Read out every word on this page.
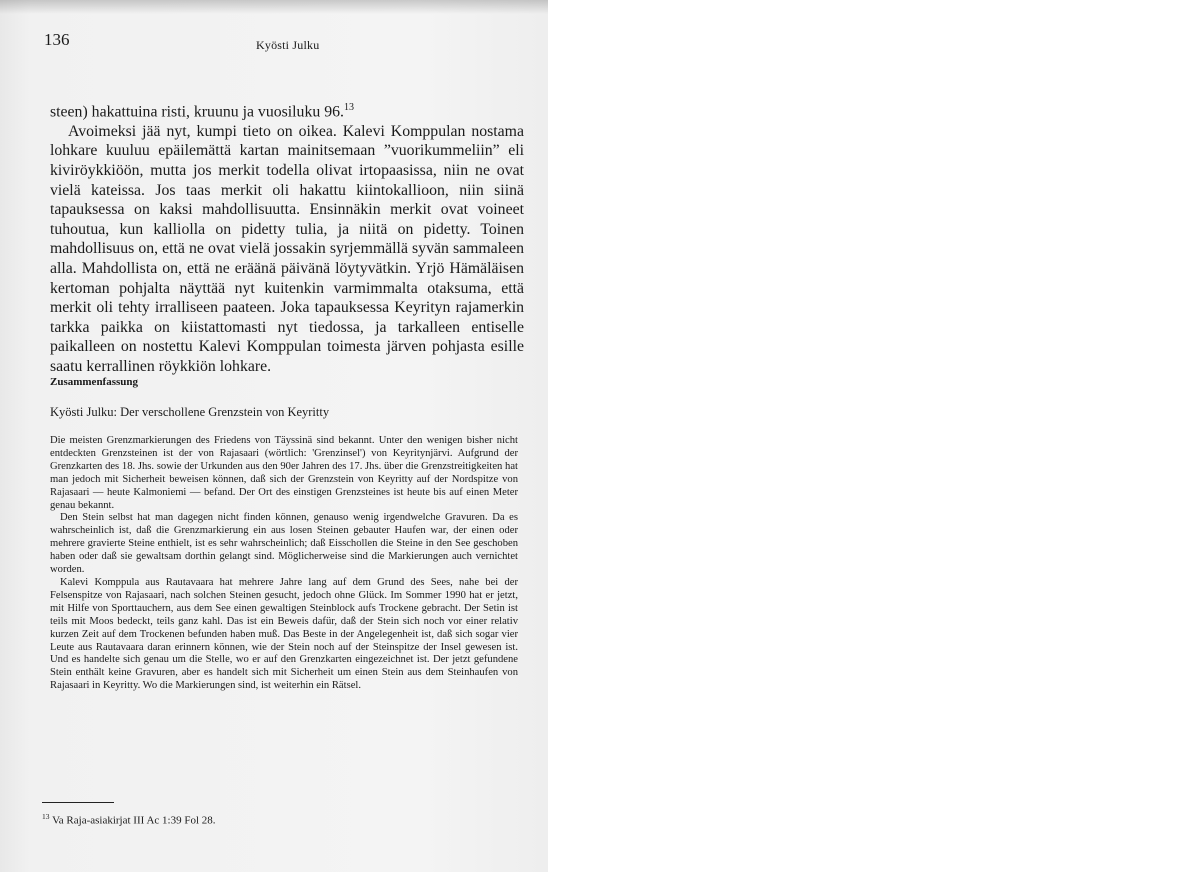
136	Kyösti Julku

steen) hakattuina risti, kruunu ja vuosiluku 96.13

Avoimeksi jää nyt, kumpi tieto on oikea. Kalevi Komppulan nostama lohkare kuuluu epäilemättä kartan mainitsemaan ”vuorikummeliin” eli kiviröykkiöön, mutta jos merkit todella olivat irtopaasissa, niin ne ovat vielä kateissa. Jos taas merkit oli hakattu kiintokallioon, niin siinä tapauksessa on kaksi mahdollisuutta. Ensinnäkin merkit ovat voineet tuhoutua, kun kalliolla on pidetty tulia, ja niitä on pidetty. Toinen mahdollisuus on, että ne ovat vielä jossakin syrjemmällä syvän sammaleen alla. Mahdollista on, että ne eräänä päivänä löytyvätkin. Yrjö Hämäläisen kertoman pohjalta näyttää nyt kuitenkin varmimmalta otaksuma, että merkit oli tehty irralliseen paateen. Joka tapauksessa Keyrityn rajamerkin tarkka paikka on kiistattomasti nyt tiedossa, ja tarkalleen entiselle paikalleen on nostettu Kalevi Komppulan toimesta järven pohjasta esille saatu kerrallinen röykkiön lohkare.

Zusammenfassung
Kyösti Julku: Der verschollene Grenzstein von Keyritty

Die meisten Grenzmarkierungen des Friedens von Täyssinä sind bekannt. Unter den wenigen bisher nicht entdeckten Grenzsteinen ist der von Rajasaari (wörtlich: 'Grenzinsel') von Keyritynjärvi. Aufgrund der Grenzkarten des 18. Jhs. sowie der Urkunden aus den 90er Jahren des 17. Jhs. über die Grenzstreitigkeiten hat man jedoch mit Sicherheit beweisen können, daß sich der Grenzstein von Keyritty auf der Nordspitze von Rajasaari — heute Kalmoniemi — befand. Der Ort des einstigen Grenzsteines ist heute bis auf einen Meter genau bekannt.

Den Stein selbst hat man dagegen nicht finden können, genauso wenig irgendwelche Gravuren. Da es wahrscheinlich ist, daß die Grenzmarkierung ein aus losen Steinen gebauter Haufen war, der einen oder mehrere gravierte Steine enthielt, ist es sehr wahrscheinlich; daß Eisschollen die Steine in den See geschoben haben oder daß sie gewaltsam dorthin gelangt sind. Möglicherweise sind die Markierungen auch vernichtet worden.

Kalevi Komppula aus Rautavaara hat mehrere Jahre lang auf dem Grund des Sees, nahe bei der Felsenspitze von Rajasaari, nach solchen Steinen gesucht, jedoch ohne Glück. Im Sommer 1990 hat er jetzt, mit Hilfe von Sporttauchern, aus dem See einen gewaltigen Steinblock aufs Trockene gebracht. Der Setin ist teils mit Moos bedeckt, teils ganz kahl. Das ist ein Beweis dafür, daß der Stein sich noch vor einer relativ kurzen Zeit auf dem Trockenen befunden haben muß. Das Beste in der Angelegenheit ist, daß sich sogar vier Leute aus Rautavaara daran erinnern können, wie der Stein noch auf der Steinspitze der Insel gewesen ist. Und es handelte sich genau um die Stelle, wo er auf den Grenzkarten eingezeichnet ist. Der jetzt gefundene Stein enthält keine Gravuren, aber es handelt sich mit Sicherheit um einen Stein aus dem Steinhaufen von Rajasaari in Keyritty. Wo die Markierungen sind, ist weiterhin ein Rätsel.

$^{13}$ Va Raja-asiakirjat III Ac 1:39 Fol 28.
